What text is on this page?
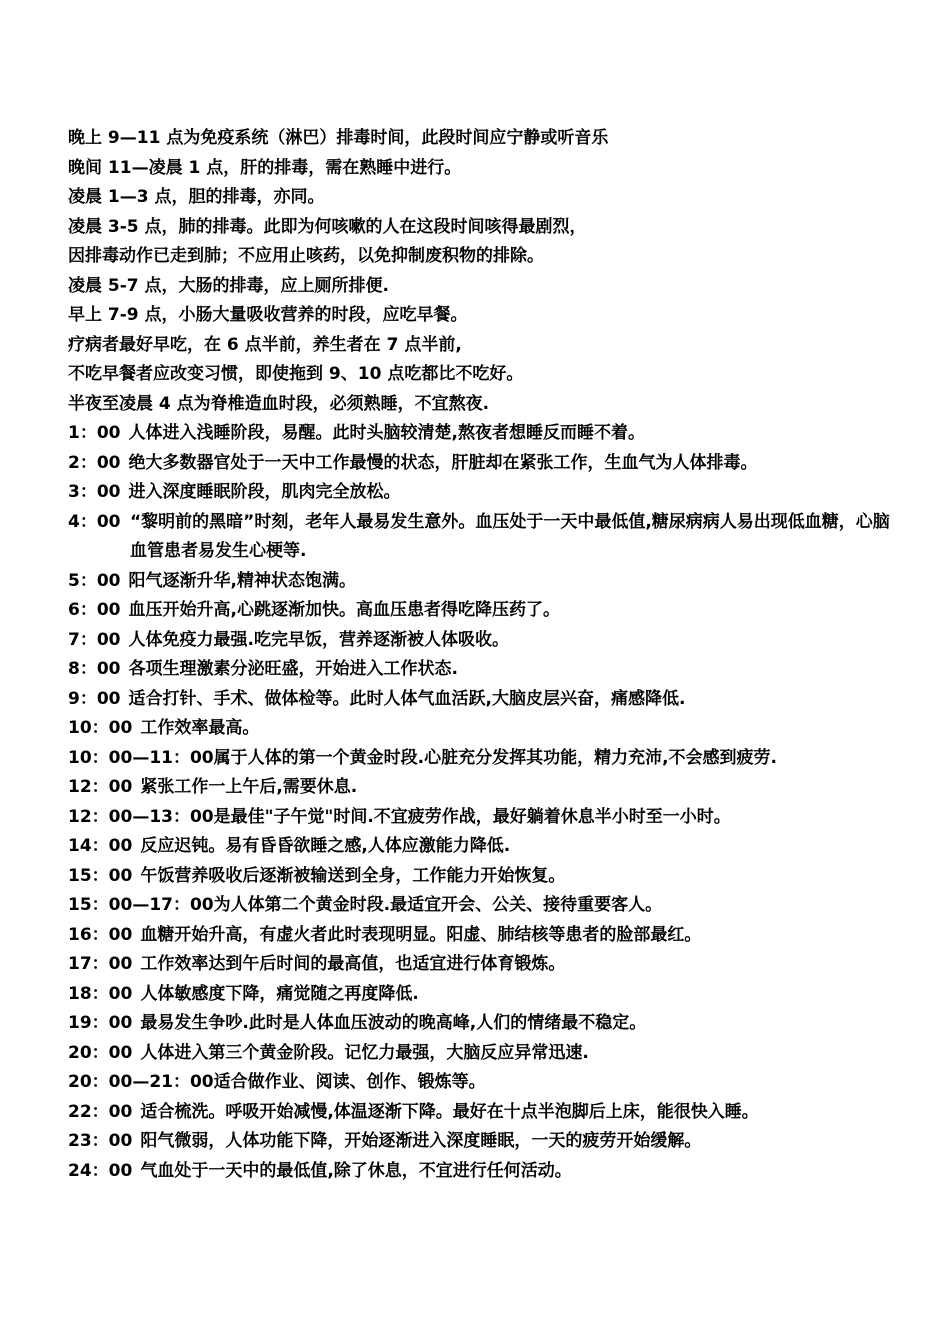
晚上 9—11 点为免疫系统（淋巴）排毒时间，此段时间应宁静或听音乐
晚间 11—凌晨 1 点，肝的排毒，需在熟睡中进行。
凌晨 1—3 点，胆的排毒，亦同。
凌晨 3-5 点，肺的排毒。此即为何咳嗽的人在这段时间咳得最剧烈，
因排毒动作已走到肺；不应用止咳药，以免抑制废积物的排除。
凌晨 5-7 点，大肠的排毒，应上厕所排便.
早上 7-9 点，小肠大量吸收营养的时段，应吃早餐。
疗病者最好早吃，在 6 点半前，养生者在 7 点半前,
不吃早餐者应改变习惯，即使拖到 9、10 点吃都比不吃好。
半夜至凌晨 4 点为脊椎造血时段，必须熟睡，不宜熬夜.
1：00 人体进入浅睡阶段，易醒。此时头脑较清楚,熬夜者想睡反而睡不着。
2：00 绝大多数器官处于一天中工作最慢的状态，肝脏却在紧张工作，生血气为人体排毒。
3：00 进入深度睡眠阶段，肌肉完全放松。
4：00 “黎明前的黑暗”时刻，老年人最易发生意外。血压处于一天中最低值,糖尿病病人易出现低血糖，心脑血管患者易发生心梗等.
5：00 阳气逐渐升华,精神状态饱满。
6：00 血压开始升高,心跳逐渐加快。高血压患者得吃降压药了。
7：00 人体免疫力最强.吃完早饭，营养逐渐被人体吸收。
8：00 各项生理激素分泌旺盛，开始进入工作状态.
9：00 适合打针、手术、做体检等。此时人体气血活跃,大脑皮层兴奋，痛感降低.
10：00 工作效率最高。
10：00—11：00 属于人体的第一个黄金时段.心脏充分发挥其功能，精力充沛,不会感到疲劳.
12：00 紧张工作一上午后,需要休息.
12：00—13：00 是最佳"子午觉"时间.不宜疲劳作战，最好躺着休息半小时至一小时。
14：00 反应迟钝。易有昏昏欲睡之感,人体应激能力降低.
15：00 午饭营养吸收后逐渐被输送到全身，工作能力开始恢复。
15：00—17：00 为人体第二个黄金时段.最适宜开会、公关、接待重要客人。
16：00 血糖开始升高，有虚火者此时表现明显。阳虚、肺结核等患者的脸部最红。
17：00 工作效率达到午后时间的最高值，也适宜进行体育锻炼。
18：00 人体敏感度下降，痛觉随之再度降低.
19：00 最易发生争吵.此时是人体血压波动的晚高峰,人们的情绪最不稳定。
20：00 人体进入第三个黄金阶段。记忆力最强，大脑反应异常迅速.
20：00—21：00 适合做作业、阅读、创作、锻炼等。
22：00 适合梳洗。呼吸开始减慢,体温逐渐下降。最好在十点半泡脚后上床，能很快入睡。
23：00 阳气微弱，人体功能下降，开始逐渐进入深度睡眠，一天的疲劳开始缓解。
24：00 气血处于一天中的最低值,除了休息，不宜进行任何活动。
